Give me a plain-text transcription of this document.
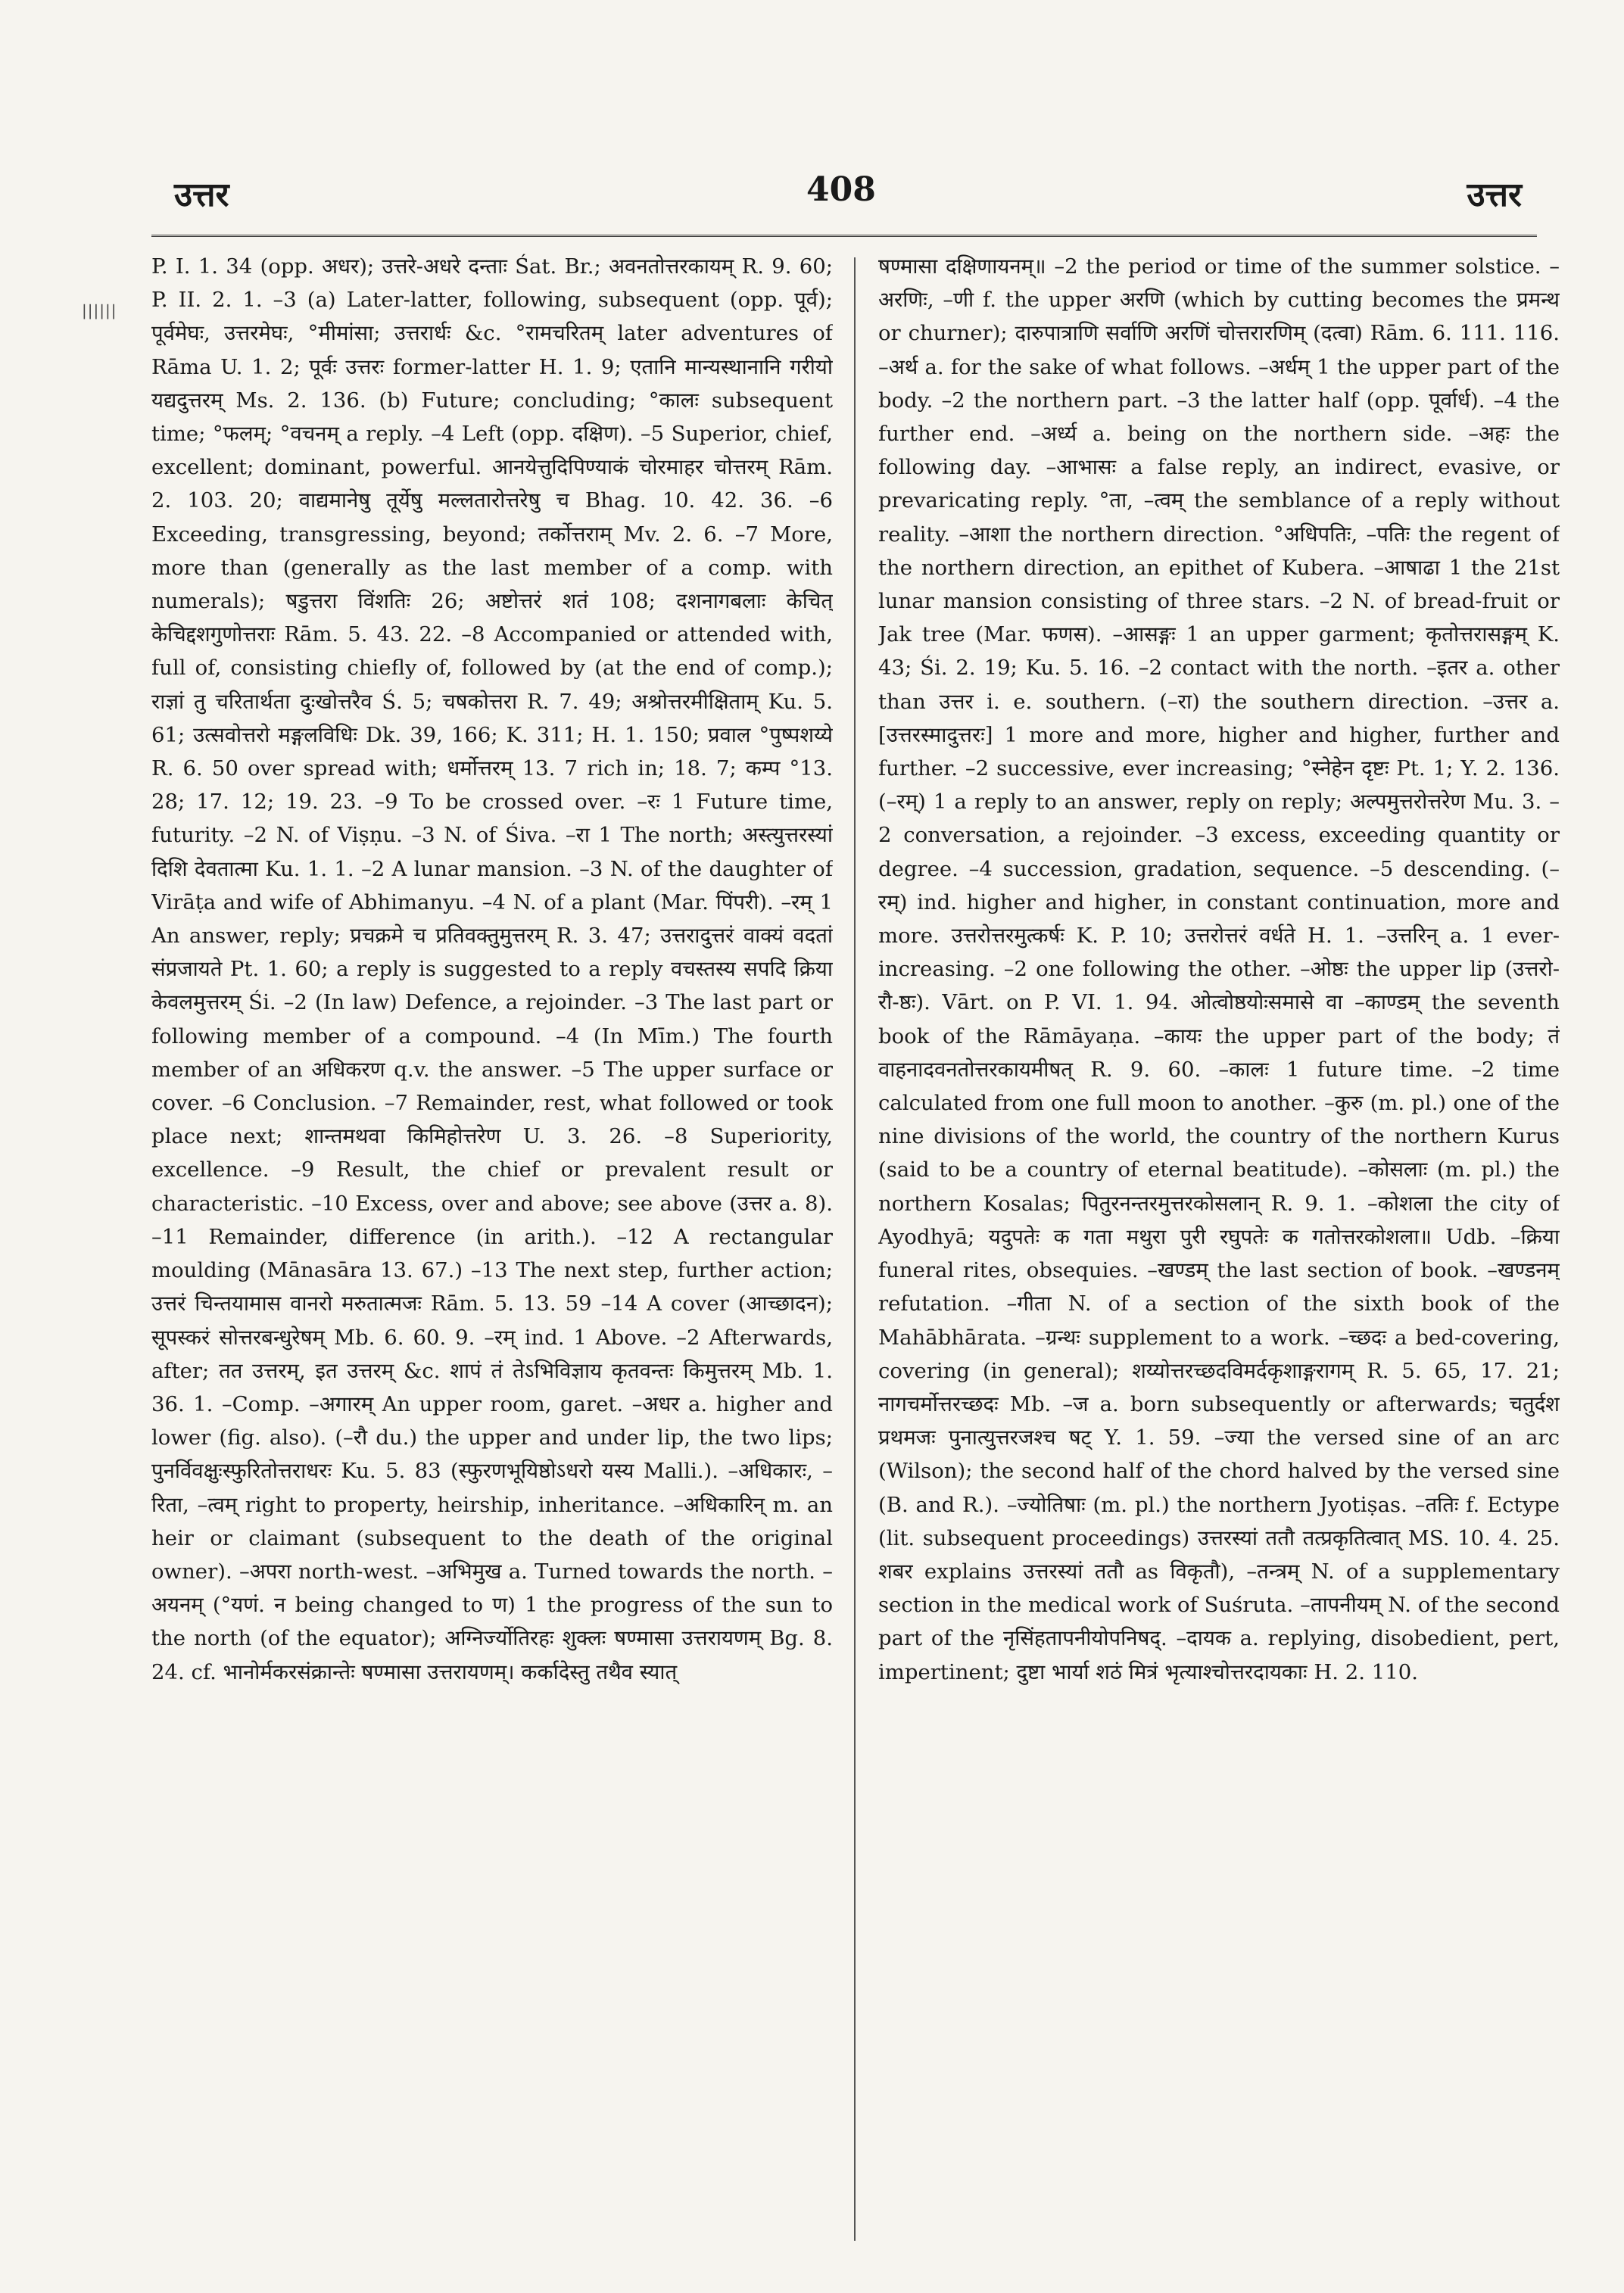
उत्तर	408	उत्तर
||||||

P. I. 1. 34 (opp. अधर); उत्तरे-अधरे दन्ताः Śat. Br.; अवनतोत्तरकायम् R. 9. 60; P. II. 2. 1. –3 (a) Later-latter, following, subsequent (opp. पूर्व); पूर्वमेघः, उत्तरमेघः, °मीमांसा; उत्तरार्धः &c. °रामचरितम् later adventures of Rāma U. 1. 2; पूर्वः उत्तरः former-latter H. 1. 9; एतानि मान्यस्थानानि गरीयो यद्यदुत्तरम् Ms. 2. 136. (b) Future; concluding; °कालः subsequent time; °फलम्; °वचनम् a reply. –4 Left (opp. दक्षिण). –5 Superior, chief, excellent; dominant, powerful. आनयेत्तुदिपिण्याकं चोरमाहर चोत्तरम् Rām. 2. 103. 20; वाद्यमानेषु तूर्येषु मल्लतारोत्तरेषु च Bhag. 10. 42. 36. –6 Exceeding, transgressing, beyond; तर्कोत्तराम् Mv. 2. 6. –7 More, more than (generally as the last member of a comp. with numerals); षडुत्तरा विंशतिः 26; अष्टोत्तरं शतं 108; दशनागबलाः केचित् केचिद्दशगुणोत्तराः Rām. 5. 43. 22. –8 Accompanied or attended with, full of, consisting chiefly of, followed by (at the end of comp.); राज्ञां तु चरितार्थता दुःखोत्तरैव Ś. 5; चषकोत्तरा R. 7. 49; अश्रोत्तरमीक्षिताम् Ku. 5. 61; उत्सवोत्तरो मङ्गलविधिः Dk. 39, 166; K. 311; H. 1. 150; प्रवाल °पुष्पशय्ये R. 6. 50 over spread with; धर्मोत्तरम् 13. 7 rich in; 18. 7; कम्प °13. 28; 17. 12; 19. 23. –9 To be crossed over. –रः 1 Future time, futurity. –2 N. of Viṣṇu. –3 N. of Śiva. –रा 1 The north; अस्त्युत्तरस्यां दिशि देवतात्मा Ku. 1. 1. –2 A lunar mansion. –3 N. of the daughter of Virāṭa and wife of Abhimanyu. –4 N. of a plant (Mar. पिंपरी). –रम् 1 An answer, reply; प्रचक्रमे च प्रतिवक्तुमुत्तरम् R. 3. 47; उत्तरादुत्तरं वाक्यं वदतां संप्रजायते Pt. 1. 60; a reply is suggested to a reply वचस्तस्य सपदि क्रिया केवलमुत्तरम् Śi. –2 (In law) Defence, a rejoinder. –3 The last part or following member of a compound. –4 (In Mīm.) The fourth member of an अधिकरण q.v. the answer. –5 The upper surface or cover. –6 Conclusion. –7 Remainder, rest, what followed or took place next; शान्तमथवा किमिहोत्तरेण U. 3. 26. –8 Superiority, excellence. –9 Result, the chief or prevalent result or characteristic. –10 Excess, over and above; see above (उत्तर a. 8). –11 Remainder, difference (in arith.). –12 A rectangular moulding (Mānasāra 13. 67.) –13 The next step, further action; उत्तरं चिन्तयामास वानरो मरुतात्मजः Rām. 5. 13. 59 –14 A cover (आच्छादन); सूपस्करं सोत्तरबन्धुरेषम् Mb. 6. 60. 9. –रम् ind. 1 Above. –2 Afterwards, after; तत उत्तरम्, इत उत्तरम् &c. शापं तं तेऽभिविज्ञाय कृतवन्तः किमुत्तरम् Mb. 1. 36. 1. –Comp. –अगारम् An upper room, garet. –अधर a. higher and lower (fig. also). (–रौ du.) the upper and under lip, the two lips; पुनर्विवक्षुःस्फुरितोत्तराधरः Ku. 5. 83 (स्फुरणभूयिष्ठोऽधरो यस्य Malli.). –अधिकारः, –रिता, –त्वम् right to property, heirship, inheritance. –अधिकारिन् m. an heir or claimant (subsequent to the death of the original owner). –अपरा north-west. –अभिमुख a. Turned towards the north. –अयनम् (°यणं. न being changed to ण) 1 the progress of the sun to the north (of the equator); अग्निर्ज्योतिरहः शुक्लः षण्मासा उत्तरायणम् Bg. 8. 24. cf. भानोर्मकरसंक्रान्तेः षण्मासा उत्तरायणम्। कर्कादेस्तु तथैव स्यात्

षण्मासा दक्षिणायनम्॥ –2 the period or time of the summer solstice. –अरणिः, –णी f. the upper अरणि (which by cutting becomes the प्रमन्थ or churner); दारुपात्राणि सर्वाणि अरणिं चोत्तरारणिम् (दत्वा) Rām. 6. 111. 116. –अर्थ a. for the sake of what follows. –अर्धम् 1 the upper part of the body. –2 the northern part. –3 the latter half (opp. पूर्वार्ध). –4 the further end. –अर्ध्य a. being on the northern side. –अहः the following day. –आभासः a false reply, an indirect, evasive, or prevaricating reply. °ता, –त्वम् the semblance of a reply without reality. –आशा the northern direction. °अधिपतिः, –पतिः the regent of the northern direction, an epithet of Kubera. –आषाढा 1 the 21st lunar mansion consisting of three stars. –2 N. of bread-fruit or Jak tree (Mar. फणस). –आसङ्गः 1 an upper garment; कृतोत्तरासङ्गम् K. 43; Śi. 2. 19; Ku. 5. 16. –2 contact with the north. –इतर a. other than उत्तर i. e. southern. (–रा) the southern direction. –उत्तर a. [उत्तरस्मादुत्तरः] 1 more and more, higher and higher, further and further. –2 successive, ever increasing; °स्नेहेन दृष्टः Pt. 1; Y. 2. 136. (–रम्) 1 a reply to an answer, reply on reply; अल्पमुत्तरोत्तरेण Mu. 3. –2 conversation, a rejoinder. –3 excess, exceeding quantity or degree. –4 succession, gradation, sequence. –5 descending. (–रम्) ind. higher and higher, in constant continuation, more and more. उत्तरोत्तरमुत्कर्षः K. P. 10; उत्तरोत्तरं वर्धते H. 1. –उत्तरिन् a. 1 ever-increasing. –2 one following the other. –ओष्ठः the upper lip (उत्तरो-रौ-ष्ठः). Vārt. on P. VI. 1. 94. ओत्वोष्ठयोःसमासे वा –काण्डम् the seventh book of the Rāmāyaṇa. –कायः the upper part of the body; तं वाहनादवनतोत्तरकायमीषत् R. 9. 60. –कालः 1 future time. –2 time calculated from one full moon to another. –कुरु (m. pl.) one of the nine divisions of the world, the country of the northern Kurus (said to be a country of eternal beatitude). –कोसलाः (m. pl.) the northern Kosalas; पितुरनन्तरमुत्तरकोसलान् R. 9. 1. –कोशला the city of Ayodhyā; यदुपतेः क गता मथुरा पुरी रघुपतेः क गतोत्तरकोशला॥ Udb. –क्रिया funeral rites, obsequies. –खण्डम् the last section of book. –खण्डनम् refutation. –गीता N. of a section of the sixth book of the Mahābhārata. –ग्रन्थः supplement to a work. –च्छदः a bed-covering, covering (in general); शय्योत्तरच्छदविमर्दकृशाङ्गरागम् R. 5. 65, 17. 21; नागचर्मोत्तरच्छदः Mb. –ज a. born subsequently or afterwards; चतुर्दश प्रथमजः पुनात्युत्तरजश्च षट् Y. 1. 59. –ज्या the versed sine of an arc (Wilson); the second half of the chord halved by the versed sine (B. and R.). –ज्योतिषाः (m. pl.) the northern Jyotiṣas. –ततिः f. Ectype (lit. subsequent proceedings) उत्तरस्यां ततौ तत्प्रकृतित्वात् MS. 10. 4. 25. शबर explains उत्तरस्यां ततौ as विकृतौ), –तन्त्रम् N. of a supplementary section in the medical work of Suśruta. –तापनीयम् N. of the second part of the नृसिंहतापनीयोपनिषद्. –दायक a. replying, disobedient, pert, impertinent; दुष्टा भार्या शठं मित्रं भृत्याश्चोत्तरदायकाः H. 2. 110.
